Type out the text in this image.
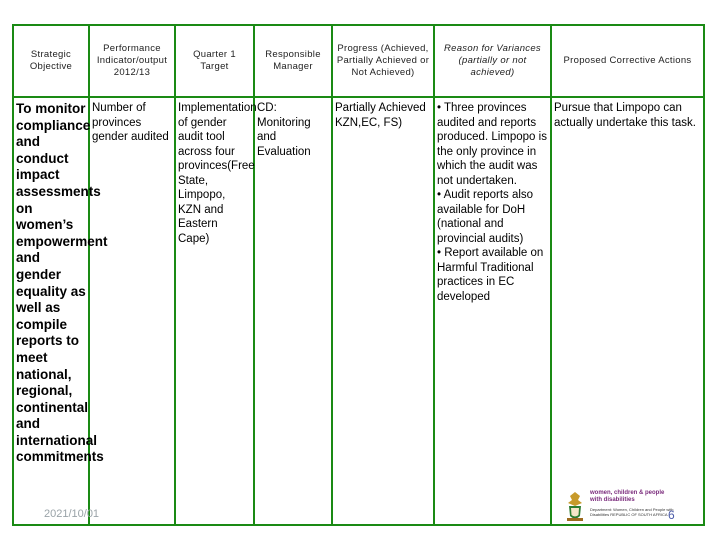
Strategic Objective	Performance Indicator/output 2012/13	Quarter 1 Target	Responsible Manager	Progress (Achieved, Partially Achieved or Not Achieved)	Reason for Variances (partially or not achieved)	Proposed Corrective Actions

To monitor compliance and conduct impact assessments on women’s empowerment and gender equality as well as compile reports to meet national, regional, continental and international commitments	Number of provinces gender audited	Implementation of gender audit tool across four provinces(Free State, Limpopo, KZN and Eastern Cape)	CD: Monitoring and Evaluation	Partially Achieved KZN,EC, FS)	• Three provinces audited and reports produced. Limpopo is the only province in which the audit was not undertaken.
• Audit reports also available for DoH (national and provincial audits)
• Report available on Harmful Traditional practices in EC developed	Pursue that Limpopo can actually undertake this task.
2021/10/01
women, children & people with disabilities
Department: Women, Children and People with Disabilities REPUBLIC OF SOUTH AFRICA 6
